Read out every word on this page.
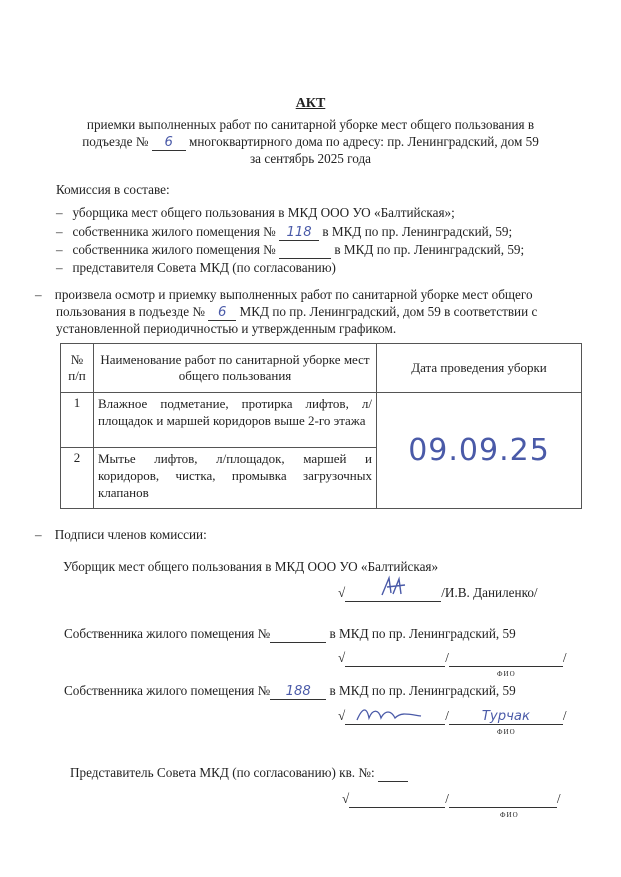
АКТ
приемки выполненных работ по санитарной уборке мест общего пользования в
подъезде № 6 многоквартирного дома по адресу: пр. Ленинградский, дом 59
за сентябрь 2025 года
Комиссия в составе:
–   уборщика мест общего пользования в МКД ООО УО «Балтийская»;
–   собственника жилого помещения № 118 в МКД по пр. Ленинградский, 59;
–   собственника жилого помещения №	в МКД по пр. Ленинградский, 59;
–   представителя Совета МКД (по согласованию)
–    произвела осмотр и приемку выполненных работ по санитарной уборке мест общего
пользования в подъезде № 6 МКД по пр. Ленинградский, дом 59 в соответствии с
установленной периодичностью и утвержденным графиком.
№ п/п	Наименование работ по санитарной уборке мест общего пользования	Дата проведения уборки
1	Влажное подметание, протирка лифтов, л/площадок и маршей коридоров выше 2-го этажа	09.09.25
2	Мытье лифтов, л/площадок, маршей и коридоров, чистка, промывка загрузочных клапанов	
–    Подписи членов комиссии:
Уборщик мест общего пользования в МКД ООО УО «Балтийская»
√	/И.В. Даниленко/
Собственника жилого помещения №	в МКД по пр. Ленинградский, 59
√	/	/
ФИО
Собственника жилого помещения № 188 в МКД по пр. Ленинградский, 59
√	/ Турчак /
ФИО
Представитель Совета МКД (по согласованию) кв. №:
√	/	/
ФИО
